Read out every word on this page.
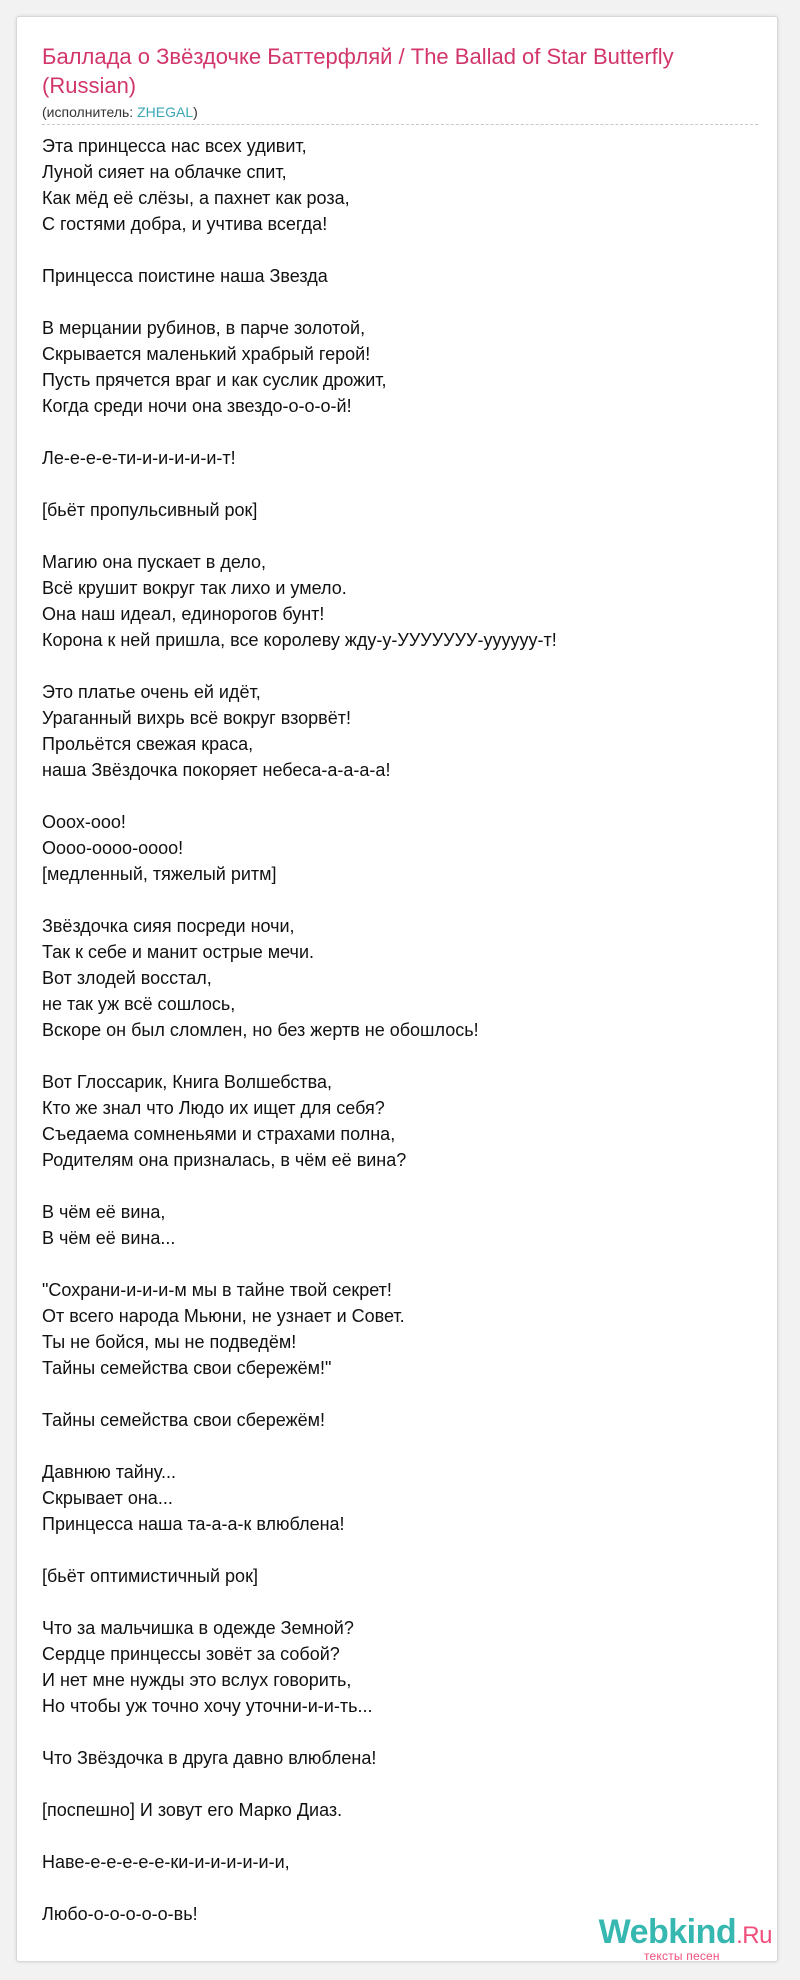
Баллада о Звёздочке Баттерфляй / The Ballad of Star Butterfly (Russian)
(исполнитель: ZHEGAL)
Эта принцесса нас всех удивит,
Луной сияет на облачке спит,
Как мёд её слёзы, а пахнет как роза,
С гостями добра, и учтива всегда!
Принцесса поистине наша Звезда
В мерцании рубинов, в парче золотой,
Скрывается маленький храбрый герой!
Пусть прячется враг и как суслик дрожит,
Когда среди ночи она звездо-о-о-о-й!
Ле-е-е-е-ти-и-и-и-и-и-т!
[бьёт пропульсивный рок]
Магию она пускает в дело,
Всё крушит вокруг так лихо и умело.
Она наш идеал, единорогов бунт!
Корона к ней пришла, все королеву жду-у-УУУУУУУ-уууууу-т!
Это платье очень ей идёт,
Ураганный вихрь всё вокруг взорвёт!
Прольётся свежая краса,
наша Звёздочка покоряет небеса-а-а-а-а!
Ооох-ооо!
Оооо-оооо-оооо!
[медленный, тяжелый ритм]
Звёздочка сияя посреди ночи,
Так к себе и манит острые мечи.
Вот злодей восстал,
не так уж всё сошлось,
Вскоре он был сломлен, но без жертв не обошлось!
Вот Глоссарик, Книга Волшебства,
Кто же знал что Людо их ищет для себя?
Съедаема сомненьями и страхами полна,
Родителям она призналась, в чём её вина?
В чём её вина,
В чём её вина...
"Сохрани-и-и-и-м мы в тайне твой секрет!
От всего народа Мьюни, не узнает и Совет.
Ты не бойся, мы не подведём!
Тайны семейства свои сбережём!"
Тайны семейства свои сбережём!
Давнюю тайну...
Скрывает она...
Принцесса наша та-а-а-к влюблена!
[бьёт оптимистичный рок]
Что за мальчишка в одежде Земной?
Сердце принцессы зовёт за собой?
И нет мне нужды это вслух говорить,
Но чтобы уж точно хочу уточни-и-и-ть...
Что Звёздочка в друга давно влюблена!
[поспешно] И зовут его Марко Диаз.
Наве-е-е-е-е-е-ки-и-и-и-и-и-и,
Любо-о-о-о-о-о-вь!	Webkind.Ru
тексты песен
